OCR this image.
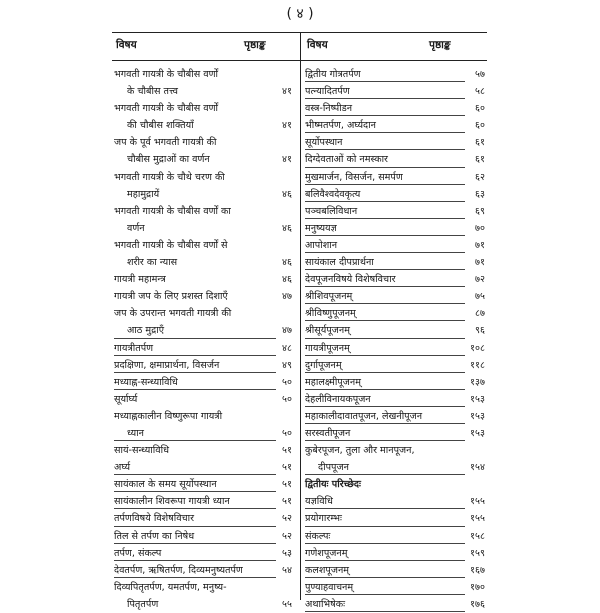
( ४ )
विषय	पृष्ठाङ्क	विषय	पृष्ठाङ्क
भगवती गायत्री के चौबीस वर्णों
के चौबीस तत्त्व	४१
भगवती गायत्री के चौबीस वर्णों
की चौबीस शक्तियाँ	४१
जप के पूर्व भगवती गायत्री की
चौबीस मुद्राओं का वर्णन	४१
भगवती गायत्री के चौथे चरण की
महामुद्रायें	४६
भगवती गायत्री के चौबीस वर्णों का
वर्णन	४६
भगवती गायत्री के चौबीस वर्णों से
शरीर का न्यास	४६
गायत्री महामन्त्र	४६
गायत्री जप के लिए प्रशस्त दिशाएँ	४७
जप के उपरान्त भगवती गायत्री की
आठ मुद्राएँ	४७
गायत्रीतर्पण	४८
प्रदक्षिणा, क्षमाप्रार्थना, विसर्जन	४९
मध्याह्न-सन्ध्याविधि	५०
सूर्यार्घ्य	५०
मध्याह्नकालीन विष्णुरूपा गायत्री
ध्यान	५०
सायं-सन्ध्याविधि	५१
अर्घ्य	५१
सायंकाल के समय सूर्योपस्थान	५१
सायंकालीन शिवरूपा गायत्री ध्यान	५१
तर्पणविषये विशेषविचार	५२
तिल से तर्पण का निषेध	५२
तर्पण, संकल्प	५३
देवतर्पण, ऋषितर्पण, दिव्यमनुष्यतर्पण	५४
दिव्यपितृतर्पण, यमतर्पण, मनुष्य-
पितृतर्पण	५५
द्वितीय गोत्रतर्पण	५७
पत्न्यादितर्पण	५८
वस्त्र-निष्पीडन	६०
भीष्मतर्पण, अर्घ्यदान	६०
सूर्योपस्थान	६१
दिग्देवताओं को नमस्कार	६१
मुखमार्जन, विसर्जन, समर्पण	६२
बलिवैश्वदेवकृत्य	६३
पञ्चबलिविधान	६९
मनुष्ययज्ञ	७०
आपोशान	७१
सायंकाल दीपप्रार्थना	७१
देवपूजनविषये विशेषविचार	७२
श्रीशिवपूजनम्	७५
श्रीविष्णुपूजनम्	८७
श्रीसूर्यपूजनम्	९६
गायत्रीपूजनम्	१०८
दुर्गापूजनम्	११८
महालक्ष्मीपूजनम्	१३७
देहलीविनायकपूजन	१५३
महाकालीदावातपूजन, लेखनीपूजन	१५३
सरस्वतीपूजन	१५३
कुबेरपूजन, तुला और मानपूजन,
दीपपूजन	१५४
द्वितीयः परिच्छेदः
यज्ञविधि	१५५
प्रयोगारम्भः	१५५
संकल्पः	१५८
गणेशपूजनम्	१५९
कलशपूजनम्	१६७
पुण्याहवाचनम्	१७०
अथाभिषेकः	१७६
